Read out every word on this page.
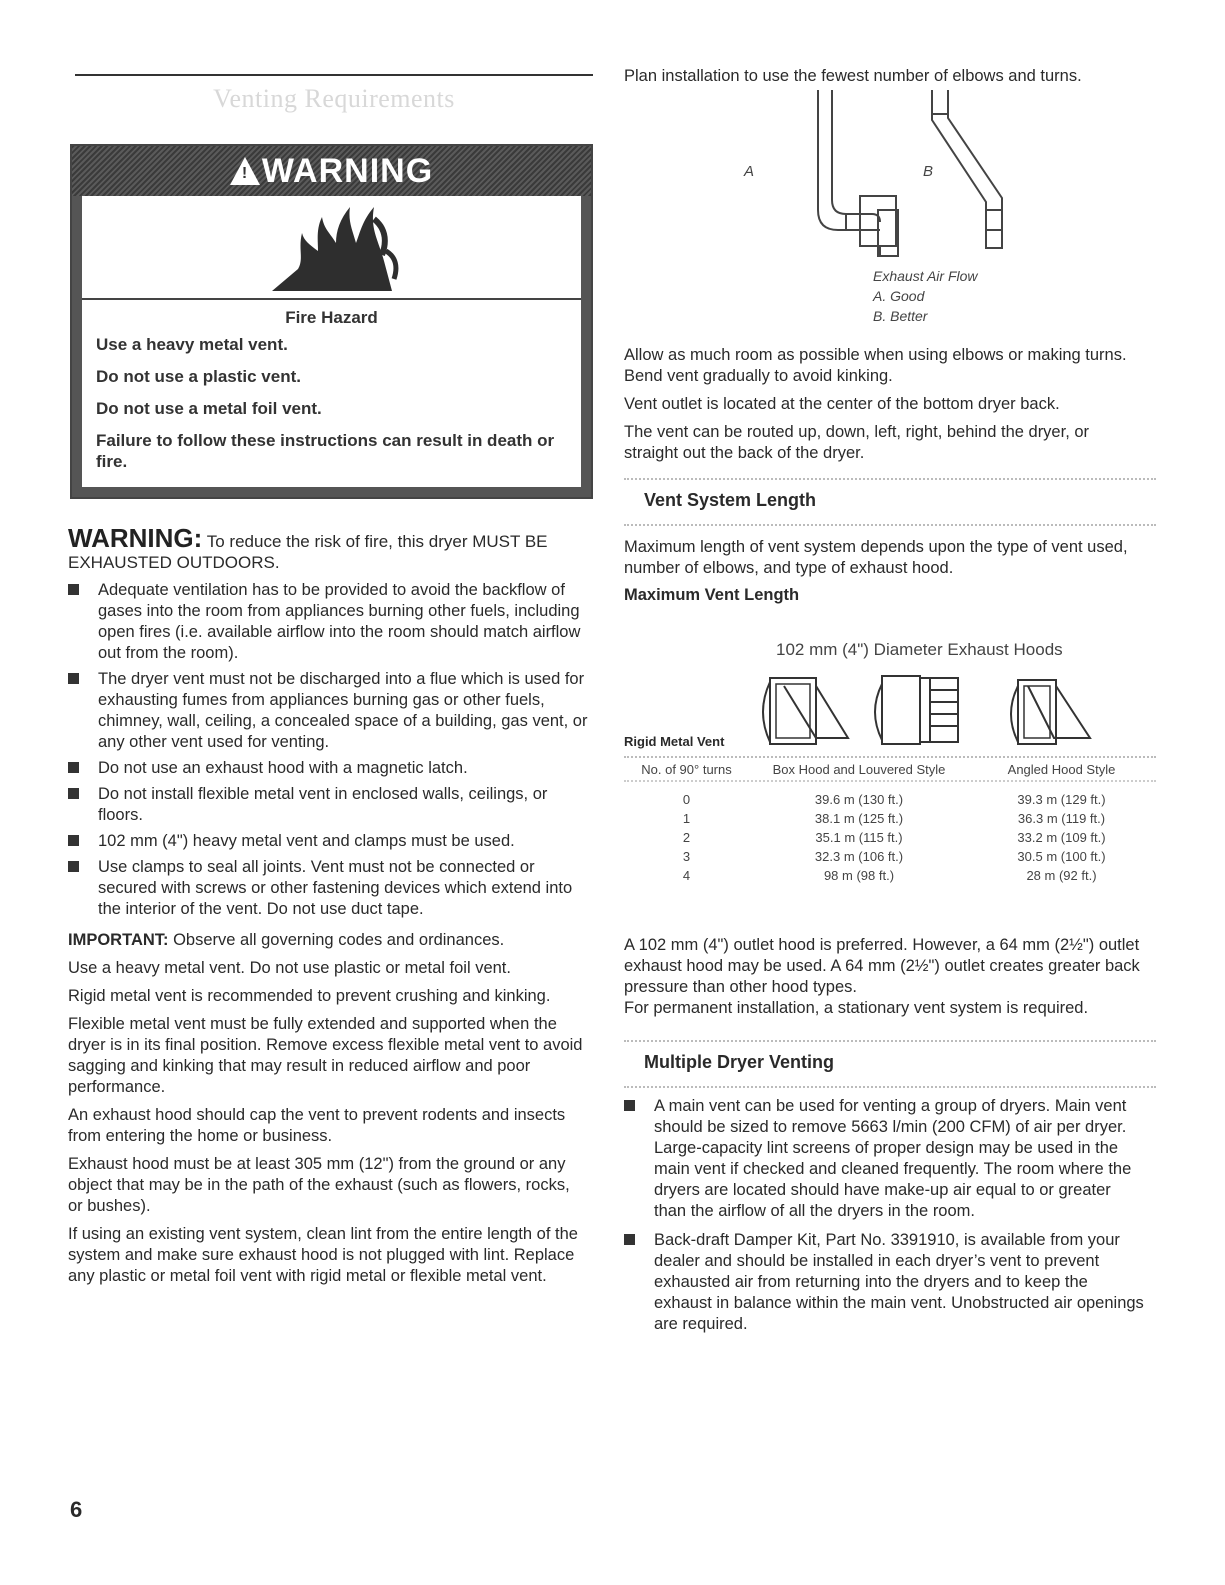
Venting Requirements
!
WARNING
Fire Hazard
Use a heavy metal vent.
Do not use a plastic vent.
Do not use a metal foil vent.
Failure to follow these instructions can result in death or fire.
WARNING: To reduce the risk of fire, this dryer MUST BE
EXHAUSTED OUTDOORS.
Adequate ventilation has to be provided to avoid the backflow of gases into the room from appliances burning other fuels, including open fires (i.e. available airflow into the room should match airflow out from the room).
The dryer vent must not be discharged into a flue which is used for exhausting fumes from appliances burning gas or other fuels, chimney, wall, ceiling, a concealed space of a building, gas vent, or any other vent used for venting.
Do not use an exhaust hood with a magnetic latch.
Do not install flexible metal vent in enclosed walls, ceilings, or floors.
102 mm (4") heavy metal vent and clamps must be used.
Use clamps to seal all joints. Vent must not be connected or secured with screws or other fastening devices which extend into the interior of the vent. Do not use duct tape.

IMPORTANT: Observe all governing codes and ordinances.

Use a heavy metal vent. Do not use plastic or metal foil vent.

Rigid metal vent is recommended to prevent crushing and kinking.

Flexible metal vent must be fully extended and supported when the dryer is in its final position. Remove excess flexible metal vent to avoid sagging and kinking that may result in reduced airflow and poor performance.

An exhaust hood should cap the vent to prevent rodents and insects from entering the home or business.

Exhaust hood must be at least 305 mm (12") from the ground or any object that may be in the path of the exhaust (such as flowers, rocks, or bushes).

If using an existing vent system, clean lint from the entire length of the system and make sure exhaust hood is not plugged with lint. Replace any plastic or metal foil vent with rigid metal or flexible metal vent.

Plan installation to use the fewest number of elbows and turns.
A	B
Exhaust Air Flow
A. Good
B. Better

Allow as much room as possible when using elbows or making turns. Bend vent gradually to avoid kinking.

Vent outlet is located at the center of the bottom dryer back.

The vent can be routed up, down, left, right, behind the dryer, or straight out the back of the dryer.

Vent System Length

Maximum length of vent system depends upon the type of vent used, number of elbows, and type of exhaust hood.

Maximum Vent Length
102 mm (4") Diameter Exhaust Hoods
Rigid Metal Vent
No. of 90° turns	Box Hood and Louvered Style	Angled Hood Style
0	39.6 m (130 ft.)	39.3 m (129 ft.)
1	38.1 m (125 ft.)	36.3 m (119 ft.)
2	35.1 m (115 ft.)	33.2 m (109 ft.)
3	32.3 m (106 ft.)	30.5 m (100 ft.)
4	98 m (98 ft.)	28 m (92 ft.)

A 102 mm (4") outlet hood is preferred. However, a 64 mm (2½") outlet exhaust hood may be used. A 64 mm (2½") outlet creates greater back pressure than other hood types.

For permanent installation, a stationary vent system is required.

Multiple Dryer Venting
A main vent can be used for venting a group of dryers. Main vent should be sized to remove 5663 l/min (200 CFM) of air per dryer. Large-capacity lint screens of proper design may be used in the main vent if checked and cleaned frequently. The room where the dryers are located should have make-up air equal to or greater than the airflow of all the dryers in the room.
Back-draft Damper Kit, Part No. 3391910, is available from your dealer and should be installed in each dryer’s vent to prevent exhausted air from returning into the dryers and to keep the exhaust in balance within the main vent. Unobstructed air openings are required.
6
